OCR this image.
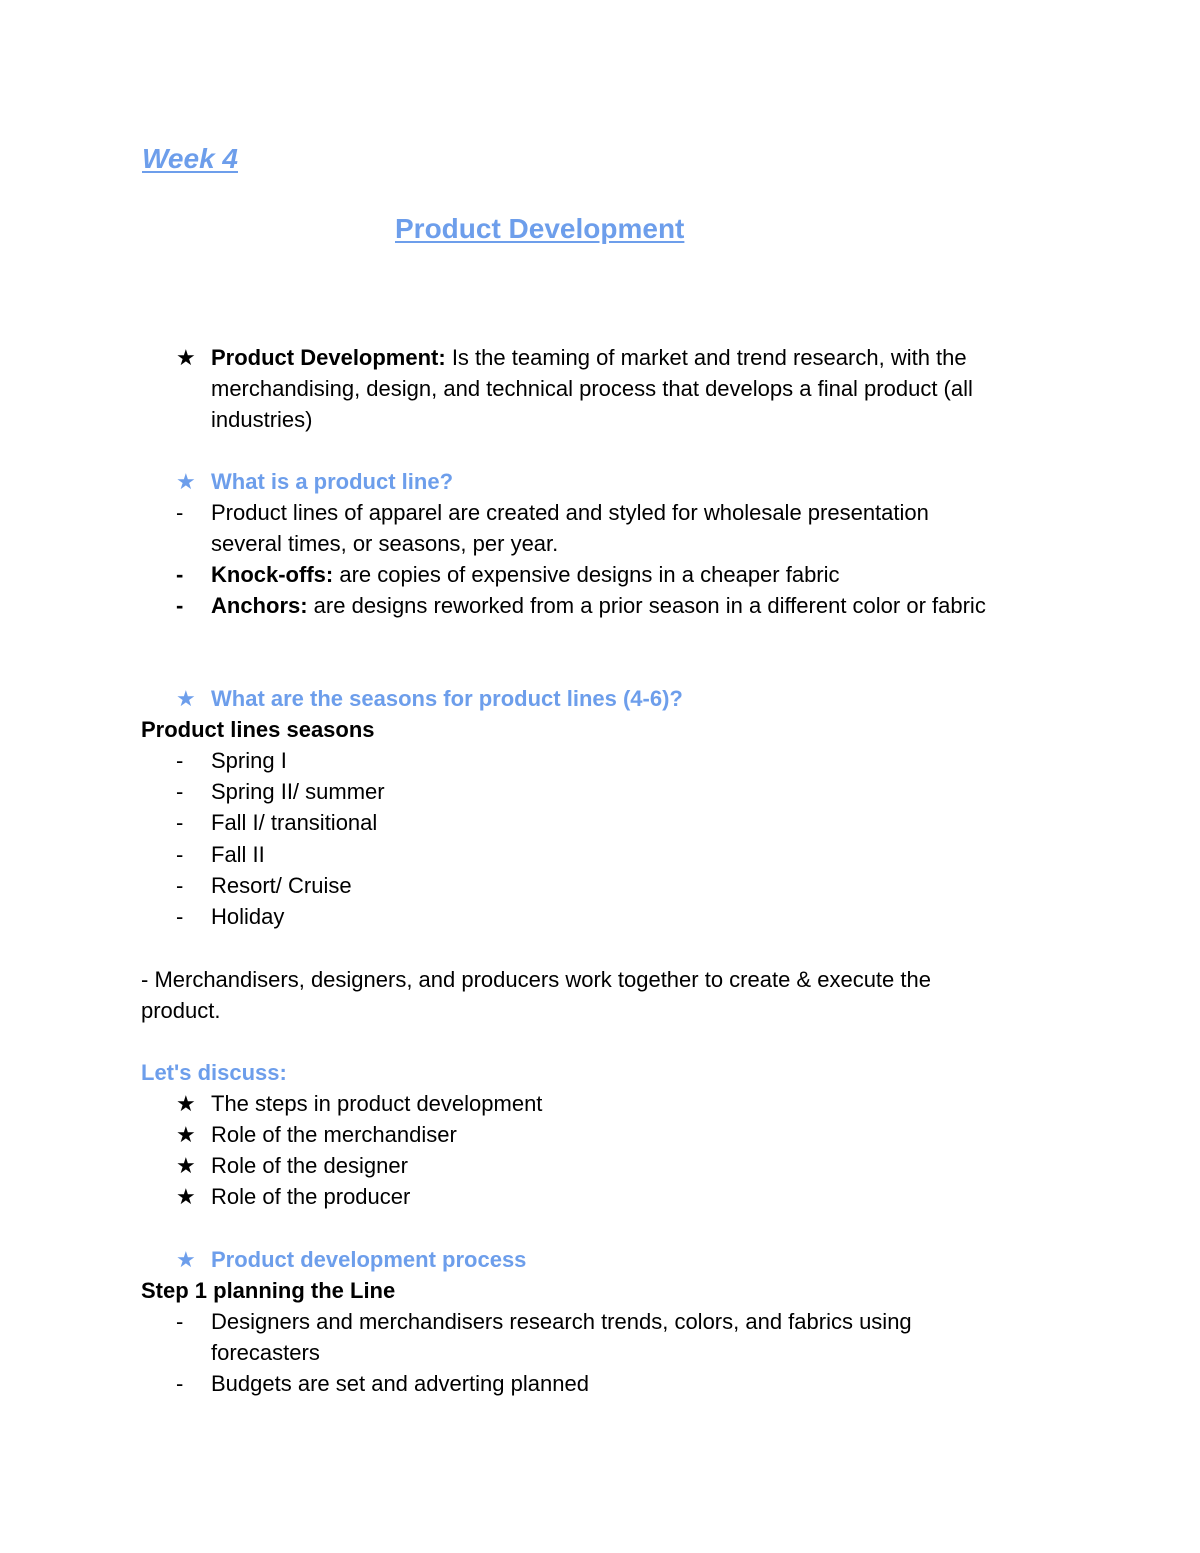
Week 4
Product Development
★ Product Development: Is the teaming of market and trend research, with the
merchandising, design, and technical process that develops a final product (all
industries)
★ What is a product line?
- Product lines of apparel are created and styled for wholesale presentation
several times, or seasons, per year.
- Knock-offs: are copies of expensive designs in a cheaper fabric
- Anchors: are designs reworked from a prior season in a different color or fabric
★ What are the seasons for product lines (4-6)?
Product lines seasons
- Spring I
- Spring II/ summer
- Fall I/ transitional
- Fall II
- Resort/ Cruise
- Holiday
- Merchandisers, designers, and producers work together to create & execute the
product.
Let's discuss:
★ The steps in product development
★ Role of the merchandiser
★ Role of the designer
★ Role of the producer
★ Product development process
Step 1 planning the Line
- Designers and merchandisers research trends, colors, and fabrics using
forecasters
- Budgets are set and adverting planned
